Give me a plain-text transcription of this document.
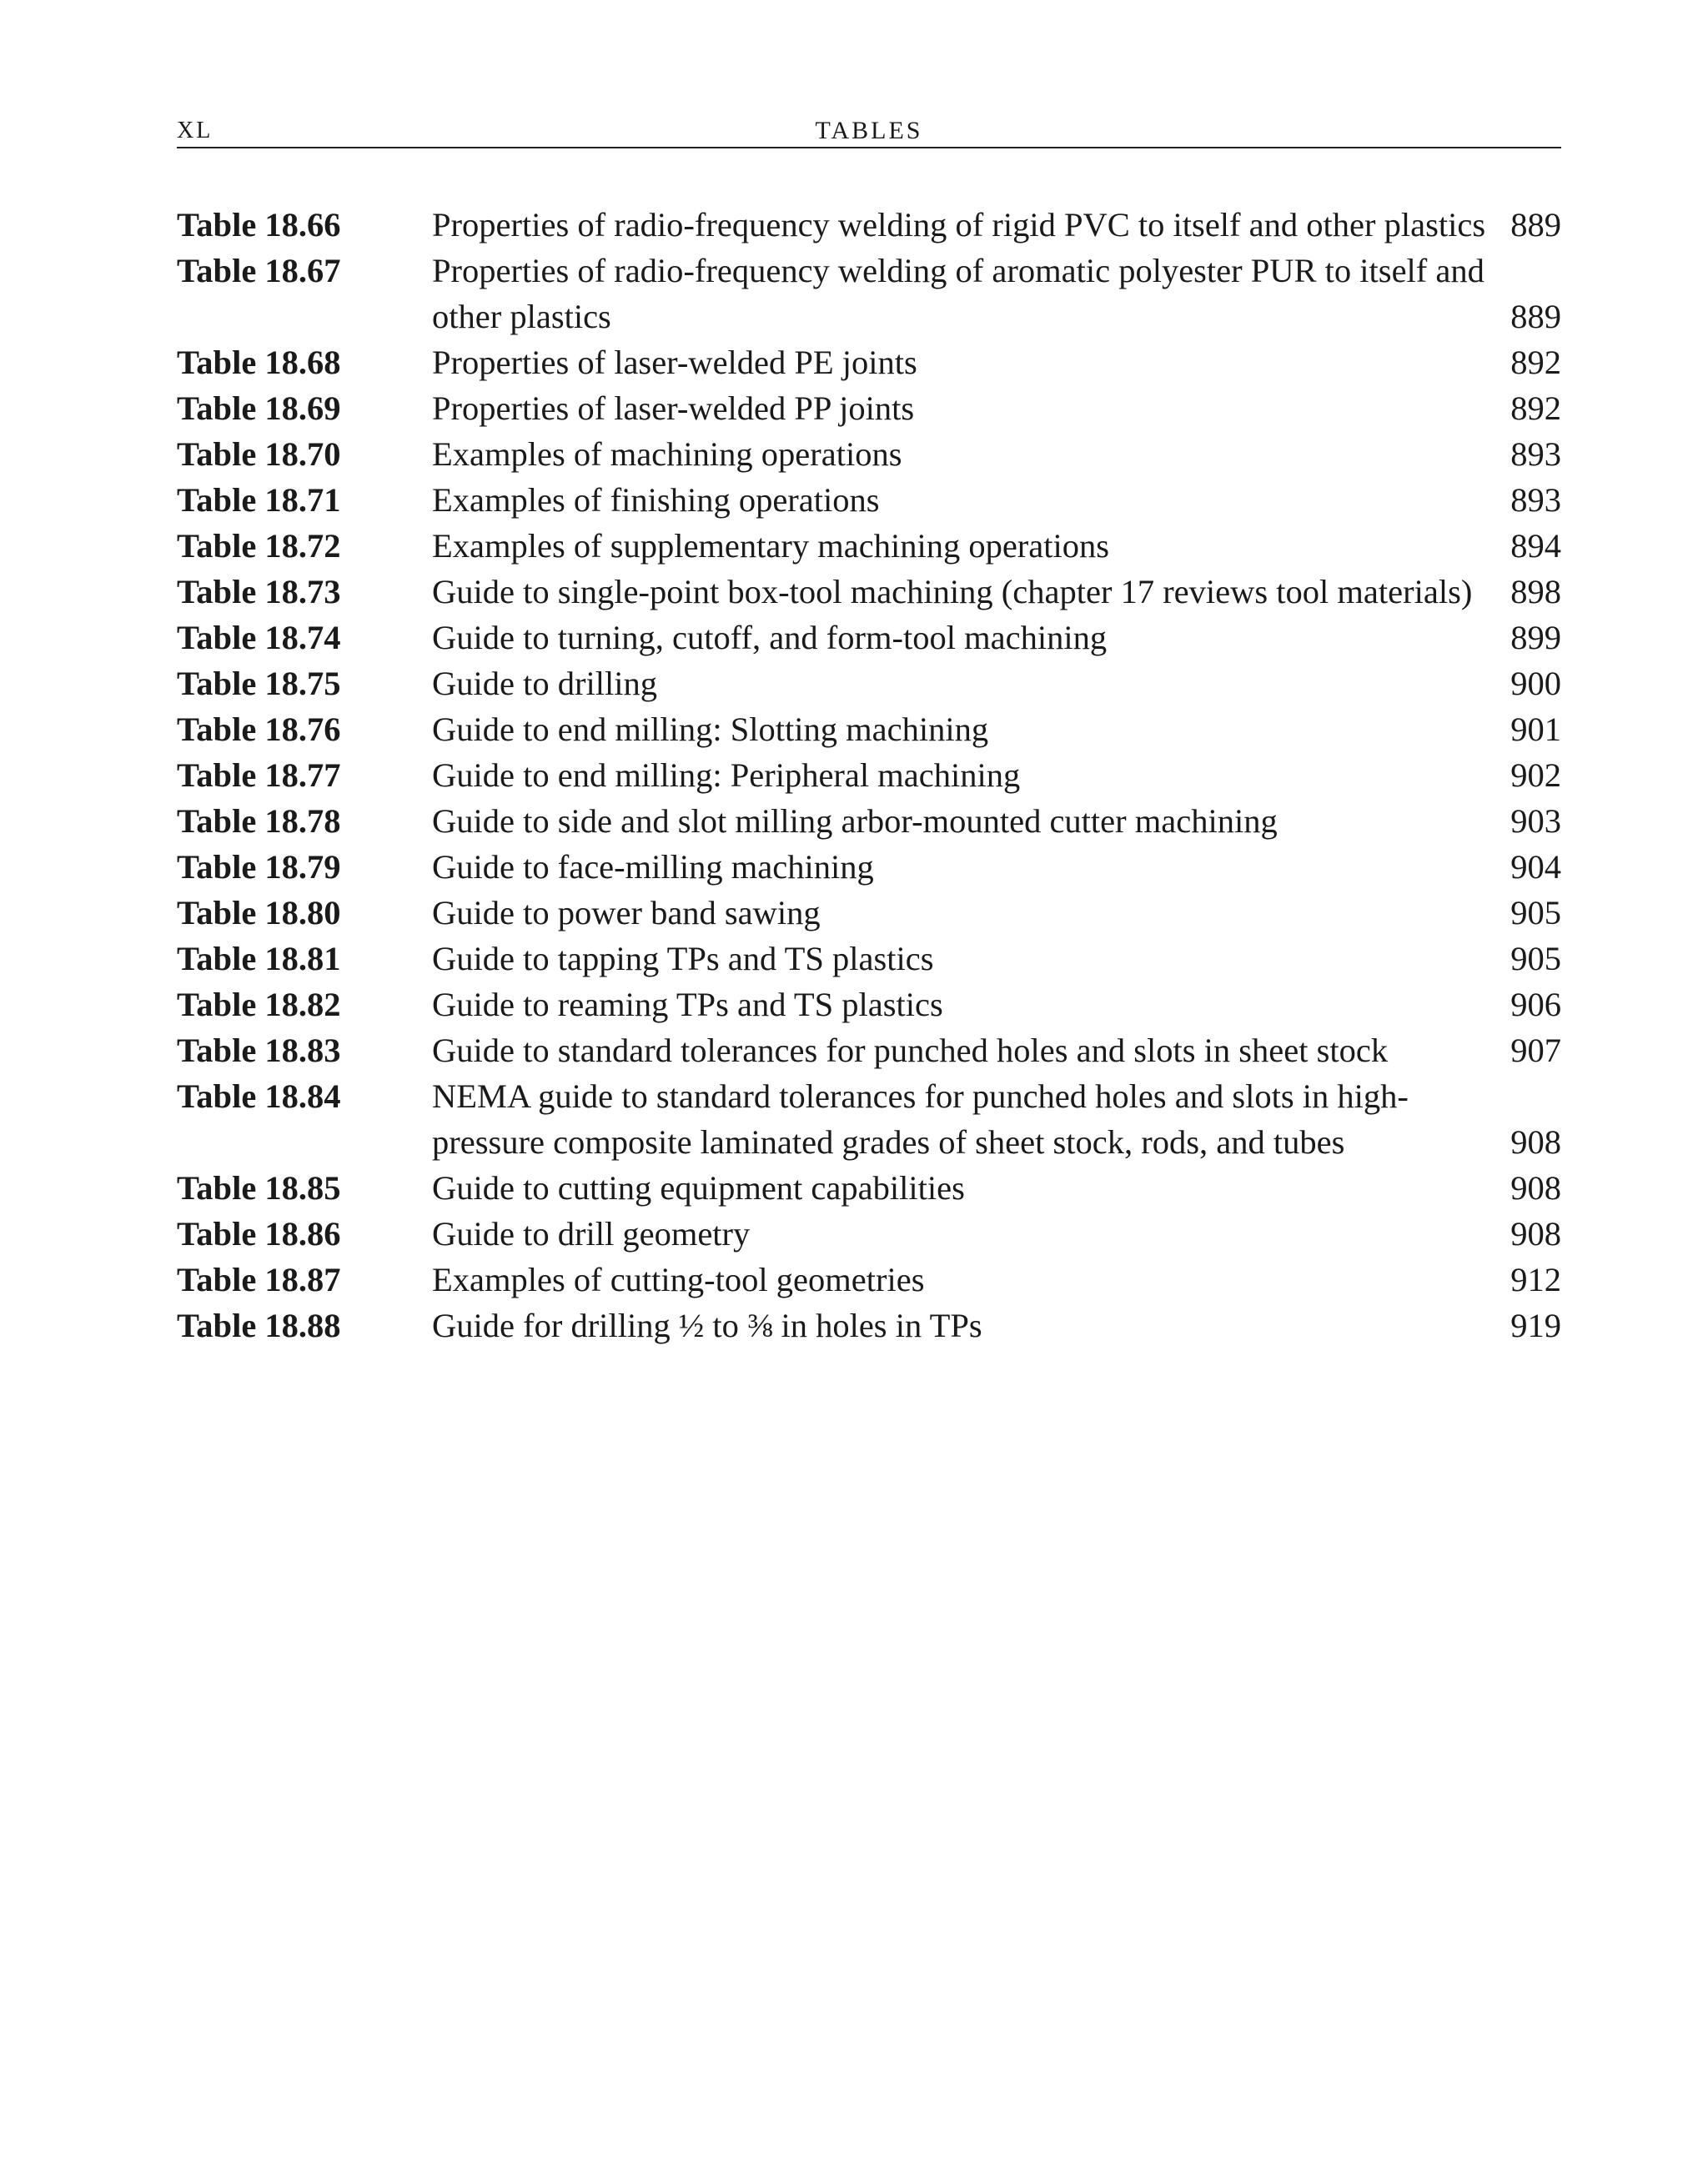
XL	TABLES
Table 18.66	Properties of radio-frequency welding of rigid PVC to itself and other plastics 889
Table 18.67	Properties of radio-frequency welding of aromatic polyester PUR to itself and other plastics	889
Table 18.68	Properties of laser-welded PE joints	892
Table 18.69	Properties of laser-welded PP joints	892
Table 18.70	Examples of machining operations	893
Table 18.71	Examples of finishing operations	893
Table 18.72	Examples of supplementary machining operations	894
Table 18.73	Guide to single-point box-tool machining (chapter 17 reviews tool materials)	898
Table 18.74	Guide to turning, cutoff, and form-tool machining	899
Table 18.75	Guide to drilling	900
Table 18.76	Guide to end milling: Slotting machining	901
Table 18.77	Guide to end milling: Peripheral machining	902
Table 18.78	Guide to side and slot milling arbor-mounted cutter machining	903
Table 18.79	Guide to face-milling machining	904
Table 18.80	Guide to power band sawing	905
Table 18.81	Guide to tapping TPs and TS plastics	905
Table 18.82	Guide to reaming TPs and TS plastics	906
Table 18.83	Guide to standard tolerances for punched holes and slots in sheet stock	907
Table 18.84	NEMA guide to standard tolerances for punched holes and slots in high-pressure composite laminated grades of sheet stock, rods, and tubes	908
Table 18.85	Guide to cutting equipment capabilities	908
Table 18.86	Guide to drill geometry	908
Table 18.87	Examples of cutting-tool geometries	912
Table 18.88	Guide for drilling ½ to ⅜ in holes in TPs	919
